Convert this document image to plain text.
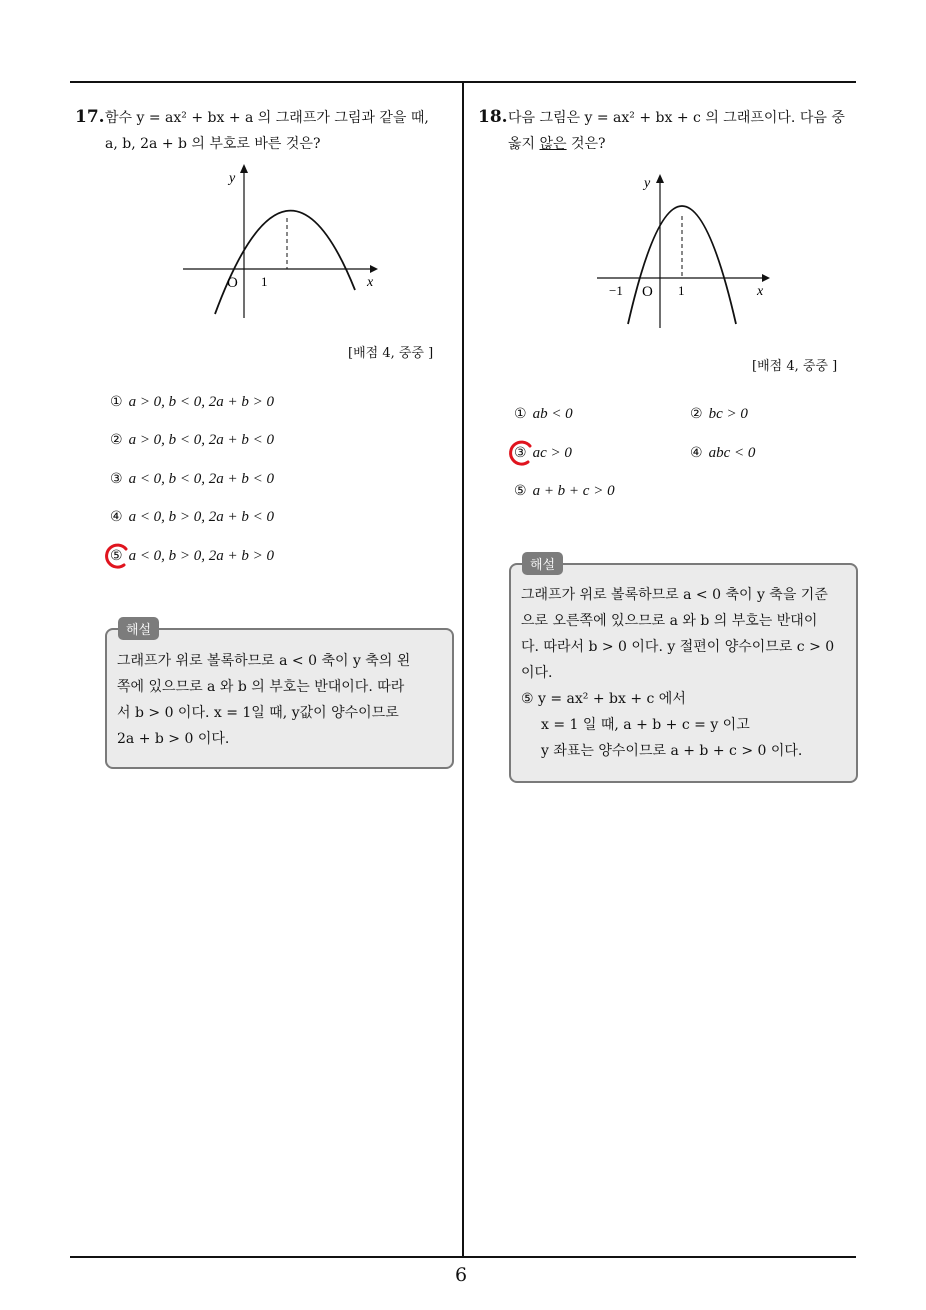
17. 함수 y = ax² + bx + a 의 그래프가 그림과 같을 때,
a, b, 2a + b 의 부호로 바른 것은?
y
x
O 1
[배점 4, 중중 ]
① a > 0, b < 0, 2a + b > 0
② a > 0, b < 0, 2a + b < 0
③ a < 0, b < 0, 2a + b < 0
④ a < 0, b > 0, 2a + b < 0
⑤ a < 0, b > 0, 2a + b > 0
해설
그래프가 위로 볼록하므로 a < 0 축이 y 축의 왼
쪽에 있으므로 a 와 b 의 부호는 반대이다. 따라
서 b > 0 이다. x = 1일 때, y값이 양수이므로
2a + b > 0 이다.
18. 다음 그림은 y = ax² + bx + c 의 그래프이다. 다음 중
옳지 않은 것은?
y
x
O
−1	1
[배점 4, 중중 ]
① ab < 0	② bc > 0
③ ac > 0	④ abc < 0
⑤ a + b + c > 0
해설
그래프가 위로 볼록하므로 a < 0 축이 y 축을 기준
으로 오른쪽에 있으므로 a 와 b 의 부호는 반대이
다. 따라서 b > 0 이다. y 절편이 양수이므로 c > 0
이다.
⑤ y = ax² + bx + c 에서
x = 1 일 때, a + b + c = y 이고
y 좌표는 양수이므로 a + b + c > 0 이다.
6
